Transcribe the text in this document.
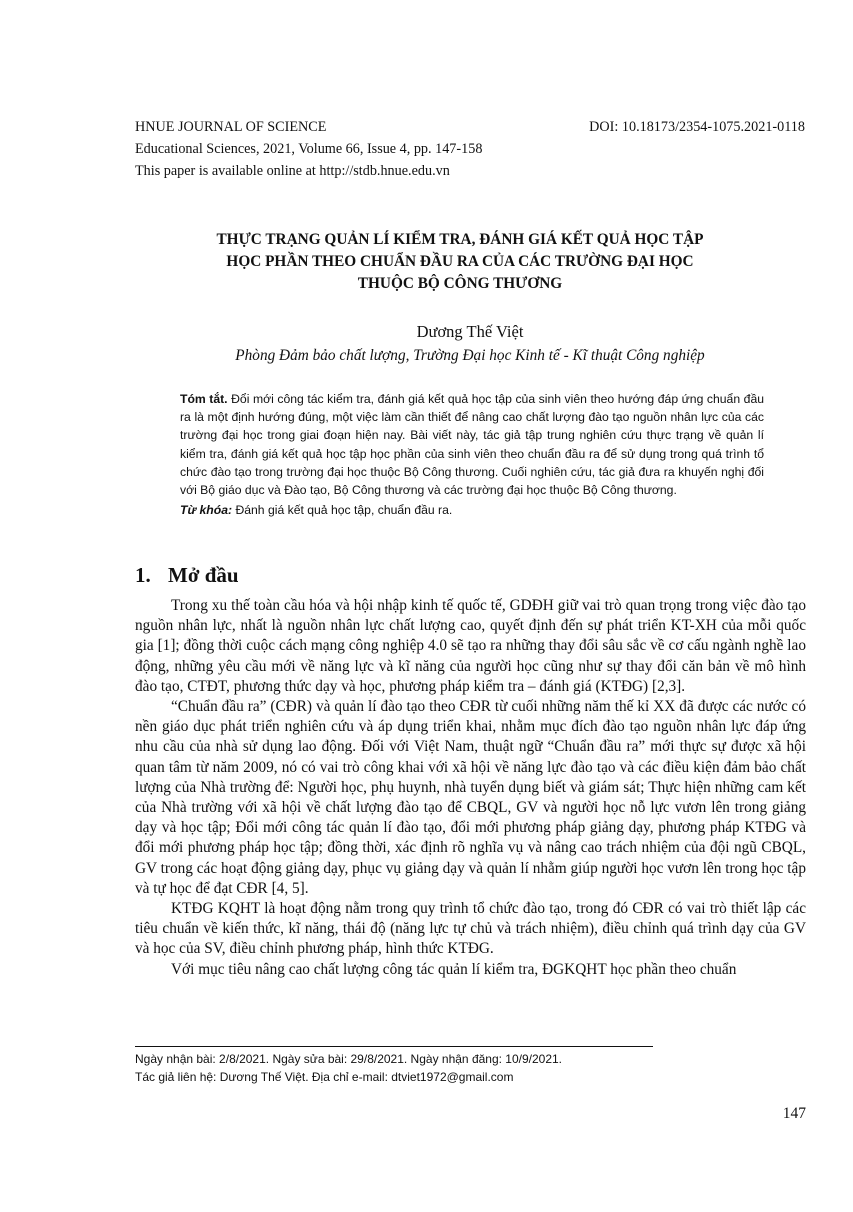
HNUE JOURNAL OF SCIENCE	DOI: 10.18173/2354-1075.2021-0118
Educational Sciences, 2021, Volume 66, Issue 4, pp. 147-158
This paper is available online at http://stdb.hnue.edu.vn
THỰC TRẠNG QUẢN LÍ KIỂM TRA, ĐÁNH GIÁ KẾT QUẢ HỌC TẬP
HỌC PHẦN THEO CHUẨN ĐẦU RA CỦA CÁC TRƯỜNG ĐẠI HỌC
THUỘC BỘ CÔNG THƯƠNG
Dương Thế Việt
Phòng Đảm bảo chất lượng, Trường Đại học Kinh tế - Kĩ thuật Công nghiệp

Tóm tắt. Đổi mới công tác kiểm tra, đánh giá kết quả học tập của sinh viên theo hướng đáp ứng chuẩn đầu ra là một định hướng đúng, một việc làm cần thiết để nâng cao chất lượng đào tạo nguồn nhân lực của các trường đại học trong giai đoạn hiện nay. Bài viết này, tác giả tập trung nghiên cứu thực trạng về quản lí kiểm tra, đánh giá kết quả học tập học phần của sinh viên theo chuẩn đầu ra để sử dụng trong quá trình tổ chức đào tạo trong trường đại học thuộc Bộ Công thương. Cuối nghiên cứu, tác giả đưa ra khuyến nghị đối với Bộ giáo dục và Đào tạo, Bộ Công thương và các trường đại học thuộc Bộ Công thương.

Từ khóa: Đánh giá kết quả học tập, chuẩn đầu ra.

1. Mở đầu

Trong xu thế toàn cầu hóa và hội nhập kinh tế quốc tế, GDĐH giữ vai trò quan trọng trong việc đào tạo nguồn nhân lực, nhất là nguồn nhân lực chất lượng cao, quyết định đến sự phát triển KT-XH của mỗi quốc gia [1]; đồng thời cuộc cách mạng công nghiệp 4.0 sẽ tạo ra những thay đổi sâu sắc về cơ cấu ngành nghề lao động, những yêu cầu mới về năng lực và kĩ năng của người học cũng như sự thay đổi căn bản về mô hình đào tạo, CTĐT, phương thức dạy và học, phương pháp kiểm tra – đánh giá (KTĐG) [2,3].

“Chuẩn đầu ra” (CĐR) và quản lí đào tạo theo CĐR từ cuối những năm thế kỉ XX đã được các nước có nền giáo dục phát triển nghiên cứu và áp dụng triển khai, nhằm mục đích đào tạo nguồn nhân lực đáp ứng nhu cầu của nhà sử dụng lao động. Đối với Việt Nam, thuật ngữ “Chuẩn đầu ra” mới thực sự được xã hội quan tâm từ năm 2009, nó có vai trò công khai với xã hội về năng lực đào tạo và các điều kiện đảm bảo chất lượng của Nhà trường để: Người học, phụ huynh, nhà tuyển dụng biết và giám sát; Thực hiện những cam kết của Nhà trường với xã hội về chất lượng đào tạo để CBQL, GV và người học nỗ lực vươn lên trong giảng dạy và học tập; Đổi mới công tác quản lí đào tạo, đổi mới phương pháp giảng dạy, phương pháp KTĐG và đổi mới phương pháp học tập; đồng thời, xác định rõ nghĩa vụ và nâng cao trách nhiệm của đội ngũ CBQL, GV trong các hoạt động giảng dạy, phục vụ giảng dạy và quản lí nhằm giúp người học vươn lên trong học tập và tự học để đạt CĐR [4, 5].

KTĐG KQHT là hoạt động nằm trong quy trình tổ chức đào tạo, trong đó CĐR có vai trò thiết lập các tiêu chuẩn về kiến thức, kĩ năng, thái độ (năng lực tự chủ và trách nhiệm), điều chỉnh quá trình dạy của GV và học của SV, điều chỉnh phương pháp, hình thức KTĐG.

Với mục tiêu nâng cao chất lượng công tác quản lí kiểm tra, ĐGKQHT học phần theo chuẩn

Ngày nhận bài: 2/8/2021. Ngày sửa bài: 29/8/2021. Ngày nhận đăng: 10/9/2021.
Tác giả liên hệ: Dương Thế Việt. Địa chỉ e-mail: dtviet1972@gmail.com
147
